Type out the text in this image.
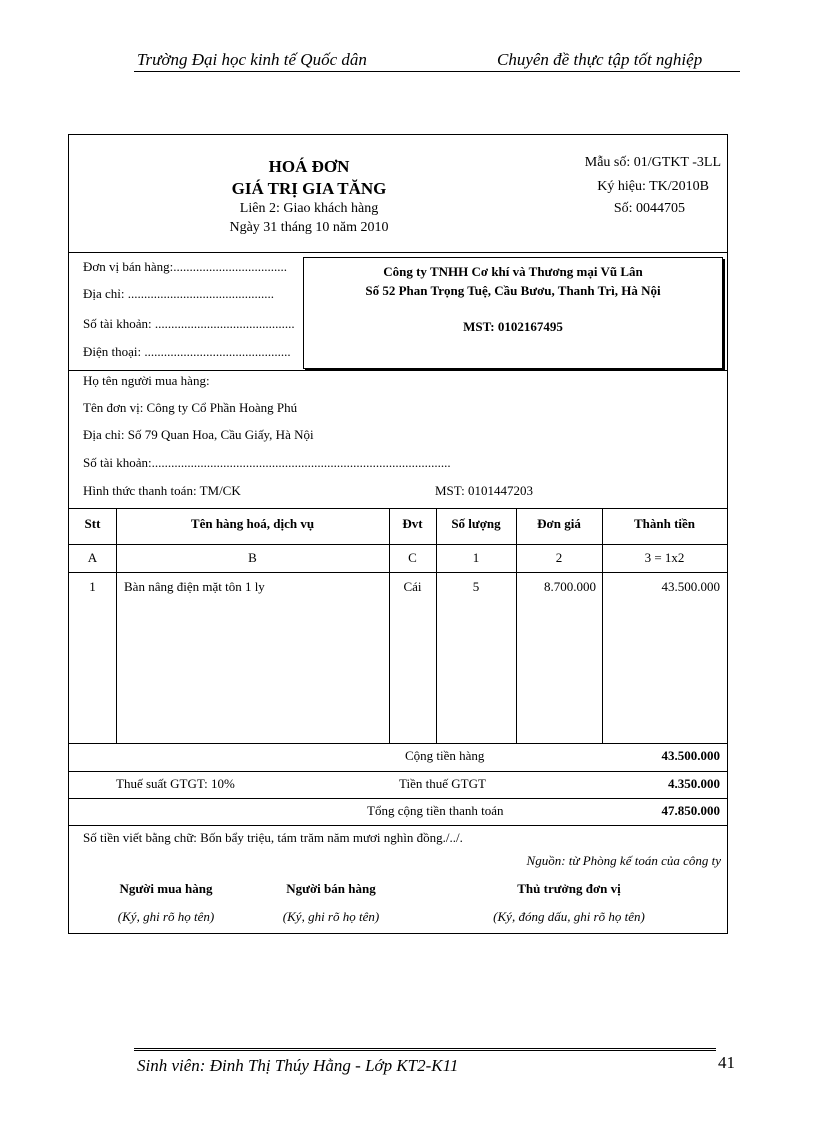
Trường Đại học kinh tế Quốc dân	Chuyên đề thực tập tốt nghiệp
HOÁ ĐƠN
GIÁ TRỊ GIA TĂNG
Liên 2: Giao khách hàng
Ngày 31 tháng 10 năm 2010
Mẫu số: 01/GTKT -3LL
Ký hiệu: TK/2010B
Số: 0044705
Đơn vị bán hàng:...................................
Địa chỉ: .............................................
Số tài khoản: ...........................................
Điện thoại: .............................................
Công ty TNHH Cơ khí và Thương mại Vũ Lân
Số 52 Phan Trọng Tuệ, Cầu Bươu, Thanh Trì, Hà Nội
MST: 0102167495
Họ tên người mua hàng:
Tên đơn vị: Công ty Cổ Phần Hoàng Phú
Địa chỉ: Số 79 Quan Hoa, Cầu Giấy, Hà Nội
Số tài khoản:............................................................................................
Hình thức thanh toán: TM/CK	MST: 0101447203
Stt	Tên hàng hoá, dịch vụ	Đvt	Số lượng	Đơn giá	Thành tiền
A	B	C	1	2	3 = 1x2
1	Bàn nâng điện mặt tôn 1 ly	Cái	5	8.700.000	43.500.000
Cộng tiền hàng	43.500.000
Thuế suất GTGT: 10%	Tiền thuế GTGT	4.350.000
Tổng cộng tiền thanh toán	47.850.000
Số tiền viết bằng chữ: Bốn bẩy triệu, tám trăm năm mươi nghìn đồng./../.
Nguồn: từ Phòng kế toán của công ty
Người mua hàng
(Ký, ghi rõ họ tên)
Người bán hàng
(Ký, ghi rõ họ tên)
Thủ trưởng đơn vị
(Ký, đóng dấu, ghi rõ họ tên)
Sinh viên: Đinh Thị Thúy Hằng - Lớp KT2-K11	41
